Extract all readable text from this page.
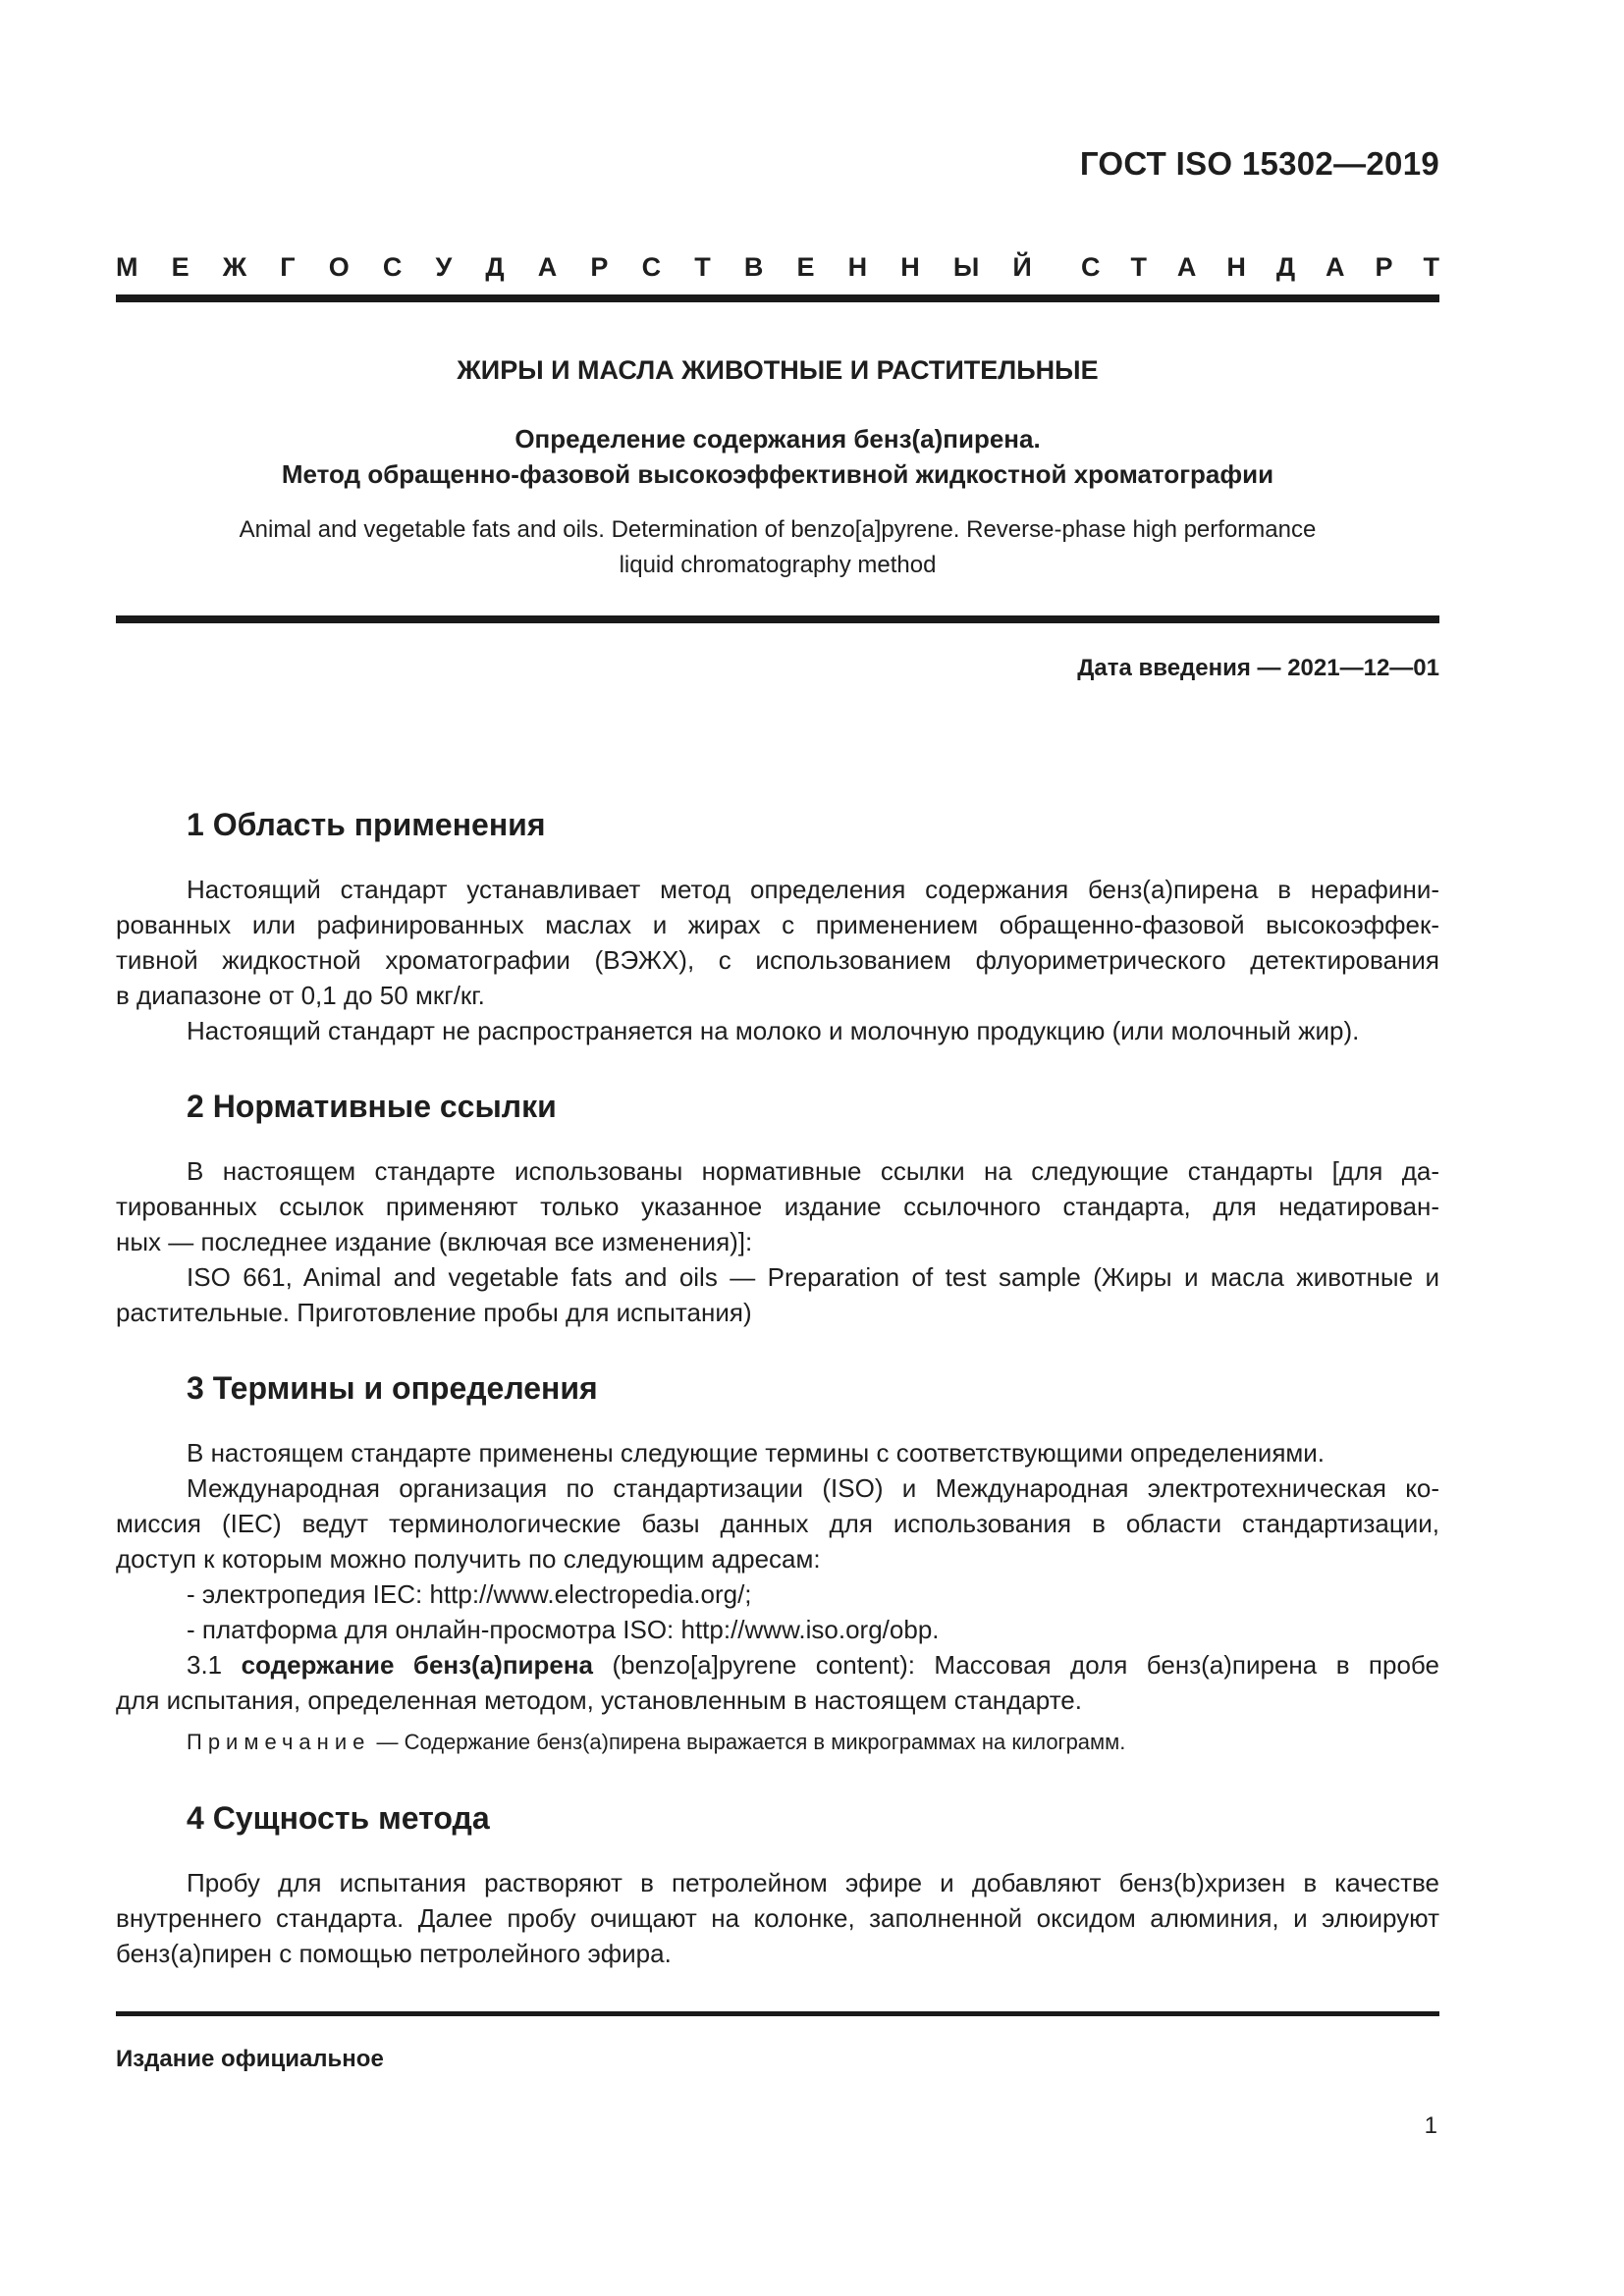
ГОСТ ISO 15302—2019
М Е Ж Г О С У Д А Р С Т В Е Н Н Ы Й С Т А Н Д А Р Т
ЖИРЫ И МАСЛА ЖИВОТНЫЕ И РАСТИТЕЛЬНЫЕ
Определение содержания бенз(а)пирена.
Метод обращенно-фазовой высокоэффективной жидкостной хроматографии
Animal and vegetable fats and oils. Determination of benzo[a]pyrene. Reverse-phase high performance
liquid chromatography method
Дата введения — 2021—12—01
1 Область применения
Настоящий стандарт устанавливает метод определения содержания бенз(а)пирена в нерафини-
рованных или рафинированных маслах и жирах с применением обращенно-фазовой высокоэффек-
тивной жидкостной хроматографии (ВЭЖХ), с использованием флуориметрического детектирования
в диапазоне от 0,1 до 50 мкг/кг.
Настоящий стандарт не распространяется на молоко и молочную продукцию (или молочный жир).
2 Нормативные ссылки
В настоящем стандарте использованы нормативные ссылки на следующие стандарты [для да-
тированных ссылок применяют только указанное издание ссылочного стандарта, для недатирован-
ных — последнее издание (включая все изменения)]:
ISO 661, Animal and vegetable fats and oils — Preparation of test sample (Жиры и масла животные и
растительные. Приготовление пробы для испытания)
3 Термины и определения
В настоящем стандарте применены следующие термины с соответствующими определениями.
Международная организация по стандартизации (ISO) и Международная электротехническая ко-
миссия (IEC) ведут терминологические базы данных для использования в области стандартизации,
доступ к которым можно получить по следующим адресам:
- электропедия IEC: http://www.electropedia.org/;
- платформа для онлайн-просмотра ISO: http://www.iso.org/obp.
3.1 содержание бенз(а)пирена (benzo[a]pyrene content): Массовая доля бенз(а)пирена в пробе
для испытания, определенная методом, установленным в настоящем стандарте.
Примечание — Содержание бенз(а)пирена выражается в микрограммах на килограмм.
4 Сущность метода
Пробу для испытания растворяют в петролейном эфире и добавляют бенз(b)хризен в качестве
внутреннего стандарта. Далее пробу очищают на колонке, заполненной оксидом алюминия, и элюируют
бенз(а)пирен с помощью петролейного эфира.
Издание официальное
1
